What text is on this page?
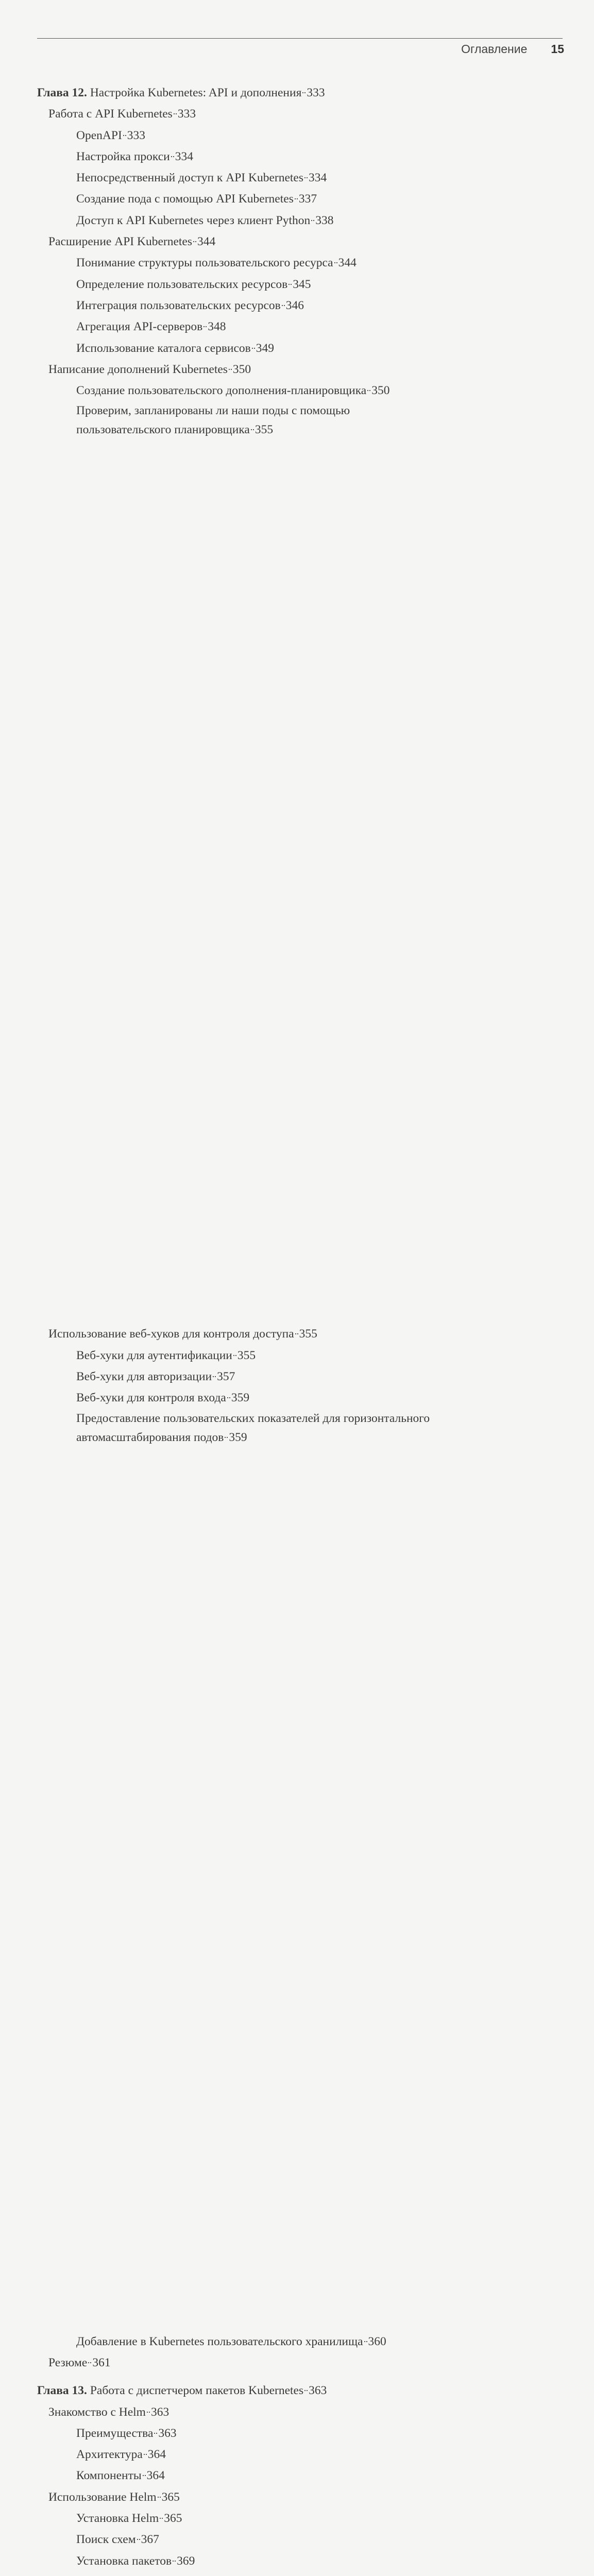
Оглавление 15
Глава 12. Настройка Kubernetes: API и дополнения 333
Работа с API Kubernetes 333
OpenAPI 333
Настройка прокси 334
Непосредственный доступ к API Kubernetes 334
Создание пода с помощью API Kubernetes 337
Доступ к API Kubernetes через клиент Python 338
Расширение API Kubernetes 344
Понимание структуры пользовательского ресурса 344
Определение пользовательских ресурсов 345
Интеграция пользовательских ресурсов 346
Агрегация API-серверов 348
Использование каталога сервисов 349
Написание дополнений Kubernetes 350
Создание пользовательского дополнения-планировщика 350
Проверим, запланированы ли наши поды с помощью
пользовательского планировщика 355
Использование веб-хуков для контроля доступа 355
Веб-хуки для аутентификации 355
Веб-хуки для авторизации 357
Веб-хуки для контроля входа 359
Предоставление пользовательских показателей для горизонтального
автомасштабирования подов 359
Добавление в Kubernetes пользовательского хранилища 360
Резюме 361
Глава 13. Работа с диспетчером пакетов Kubernetes 363
Знакомство с Helm 363
Преимущества 363
Архитектура 364
Компоненты 364
Использование Helm 365
Установка Helm 365
Поиск схем 367
Установка пакетов 369
